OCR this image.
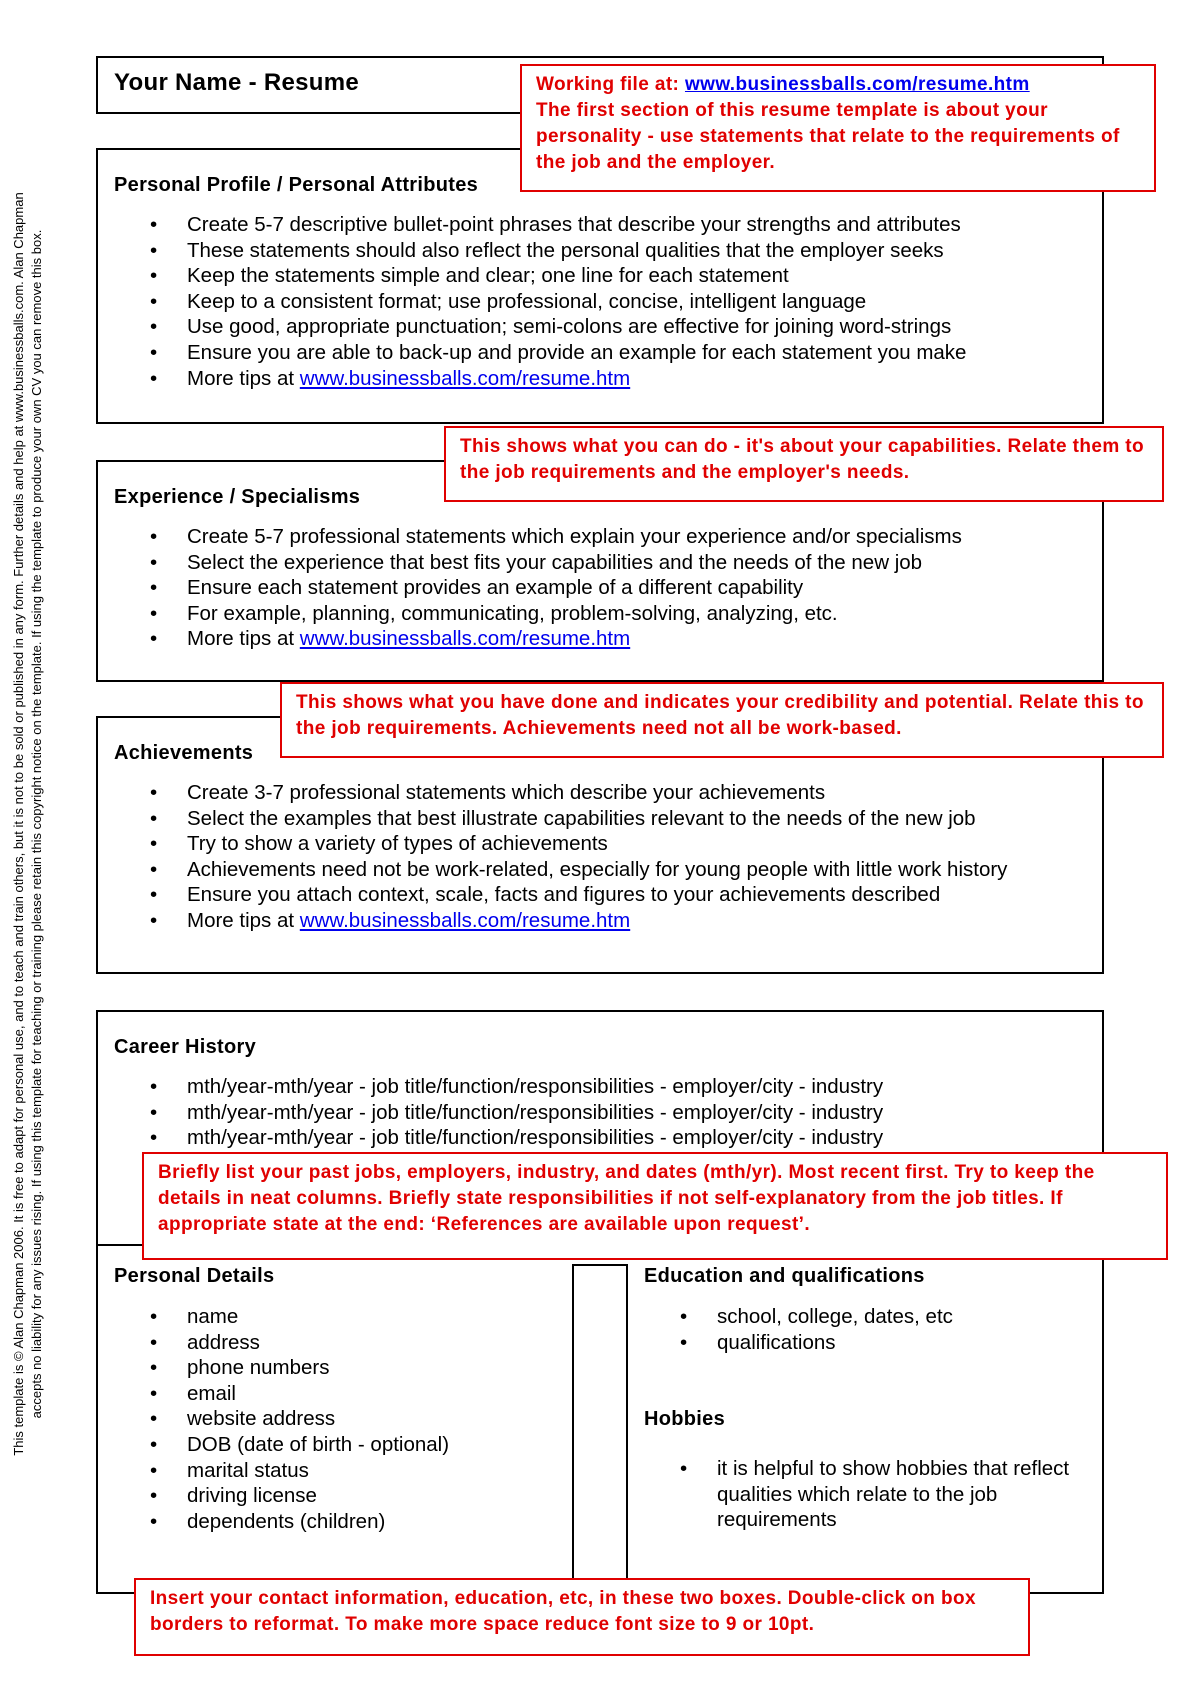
This template is © Alan Chapman 2006. It is free to adapt for personal use, and to teach and train others, but it is not to be sold or published in any form. Further details and help at www.businessballs.com. Alan Chapman accepts no liability for any issues rising. If using this template for teaching or training please retain this copyright notice on the template. If using the template to produce your own CV you can remove this box.
Your Name - Resume	Working file at: www.businessballs.com/resume.htm
The first section of this resume template is about your personality - use statements that relate to the requirements of the job and the employer.
Personal Profile / Personal Attributes
• Create 5-7 descriptive bullet-point phrases that describe your strengths and attributes
• These statements should also reflect the personal qualities that the employer seeks
• Keep the statements simple and clear; one line for each statement
• Keep to a consistent format; use professional, concise, intelligent language
• Use good, appropriate punctuation; semi-colons are effective for joining word-strings
• Ensure you are able to back-up and provide an example for each statement you make
• More tips at www.businessballs.com/resume.htm
This shows what you can do - it's about your capabilities. Relate them to the job requirements and the employer's needs.
Experience / Specialisms
• Create 5-7 professional statements which explain your experience and/or specialisms
• Select the experience that best fits your capabilities and the needs of the new job
• Ensure each statement provides an example of a different capability
• For example, planning, communicating, problem-solving, analyzing, etc.
• More tips at www.businessballs.com/resume.htm
This shows what you have done and indicates your credibility and potential. Relate this to the job requirements. Achievements need not all be work-based.
Achievements
• Create 3-7 professional statements which describe your achievements
• Select the examples that best illustrate capabilities relevant to the needs of the new job
• Try to show a variety of types of achievements
• Achievements need not be work-related, especially for young people with little work history
• Ensure you attach context, scale, facts and figures to your achievements described
• More tips at www.businessballs.com/resume.htm
Career History
• mth/year-mth/year - job title/function/responsibilities - employer/city - industry
• mth/year-mth/year - job title/function/responsibilities - employer/city - industry
• mth/year-mth/year - job title/function/responsibilities - employer/city - industry
Personal Details
• name
• address
• phone numbers
• email
• website address
• DOB (date of birth - optional)
• marital status
• driving license
• dependents (children)
Education and qualifications
• school, college, dates, etc
• qualifications
Hobbies
• it is helpful to show hobbies that reflect qualities which relate to the job requirements
Briefly list your past jobs, employers, industry, and dates (mth/yr). Most recent first. Try to keep the details in neat columns. Briefly state responsibilities if not self-explanatory from the job titles. If appropriate state at the end: ‘References are available upon request’.
Insert your contact information, education, etc, in these two boxes. Double-click on box borders to reformat. To make more space reduce font size to 9 or 10pt.
